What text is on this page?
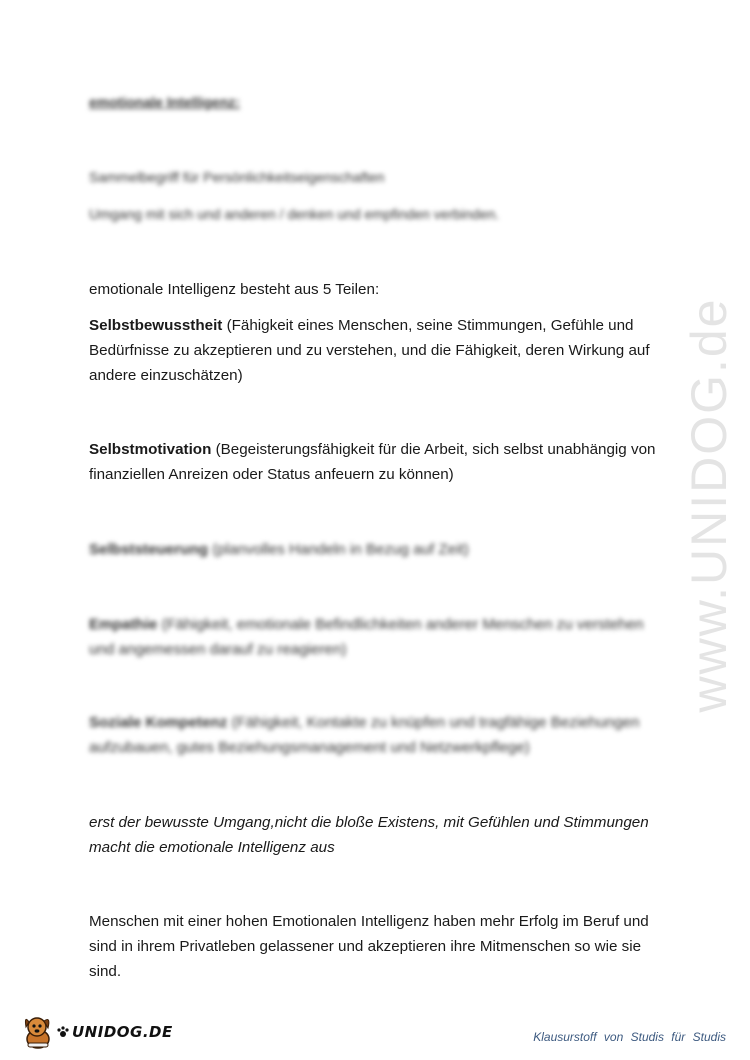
emotionale Intelligenz:
Sammelbegriff für Persönlichkeitseigenschaften
Umgang mit sich und anderen / denken und empfinden verbinden.
emotionale Intelligenz besteht aus 5 Teilen:
Selbstbewusstheit (Fähigkeit eines Menschen, seine Stimmungen, Gefühle und Bedürfnisse zu akzeptieren und zu verstehen, und die Fähigkeit, deren Wirkung auf andere einzuschätzen)
Selbstmotivation (Begeisterungsfähigkeit für die Arbeit, sich selbst unabhängig von finanziellen Anreizen oder Status anfeuern zu können)
Selbststeuerung (planvolles Handeln in Bezug auf Zeit)
Empathie (Fähigkeit, emotionale Befindlichkeiten anderer Menschen zu verstehen und angemessen darauf zu reagieren)
Soziale Kompetenz (Fähigkeit, Kontakte zu knüpfen und tragfähige Beziehungen aufzubauen, gutes Beziehungsmanagement und Netzwerkpflege)
erst der bewusste Umgang,nicht die bloße Existens, mit Gefühlen und Stimmungen macht die emotionale Intelligenz aus
Menschen mit einer hohen Emotionalen Intelligenz haben mehr Erfolg im Beruf und sind in ihrem Privatleben gelassener und akzeptieren ihre Mitmenschen so wie sie sind.
www.UNIDOG.de
UNIDOG.DE	Klausurstoff von Studis für Studis
